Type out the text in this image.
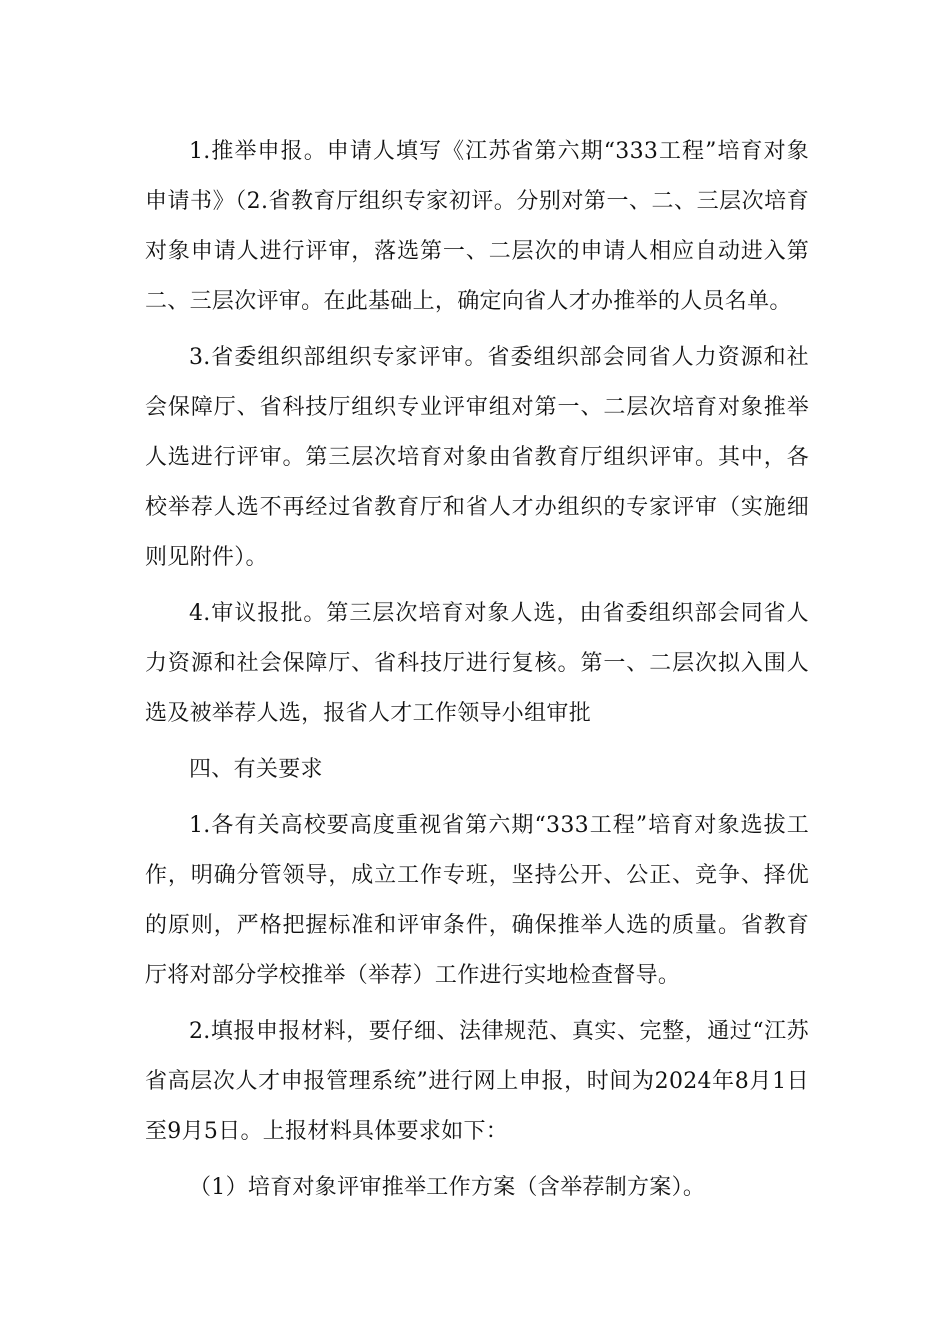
1.推举申报。申请人填写《江苏省第六期“333工程”培育对象申请书》（2.省教育厅组织专家初评。分别对第一、二、三层次培育对象申请人进行评审，落选第一、二层次的申请人相应自动进入第二、三层次评审。在此基础上，确定向省人才办推举的人员名单。

3.省委组织部组织专家评审。省委组织部会同省人力资源和社会保障厅、省科技厅组织专业评审组对第一、二层次培育对象推举人选进行评审。第三层次培育对象由省教育厅组织评审。其中，各校举荐人选不再经过省教育厅和省人才办组织的专家评审（实施细则见附件）。

4.审议报批。第三层次培育对象人选，由省委组织部会同省人力资源和社会保障厅、省科技厅进行复核。第一、二层次拟入围人选及被举荐人选，报省人才工作领导小组审批

四、有关要求

1.各有关高校要高度重视省第六期“333工程”培育对象选拔工作，明确分管领导，成立工作专班，坚持公开、公正、竞争、择优的原则，严格把握标准和评审条件，确保推举人选的质量。省教育厅将对部分学校推举（举荐）工作进行实地检查督导。

2.填报申报材料，要仔细、法律规范、真实、完整，通过“江苏省高层次人才申报管理系统”进行网上申报，时间为2024年8月1日至9月5日。上报材料具体要求如下：

（1）培育对象评审推举工作方案（含举荐制方案）。
